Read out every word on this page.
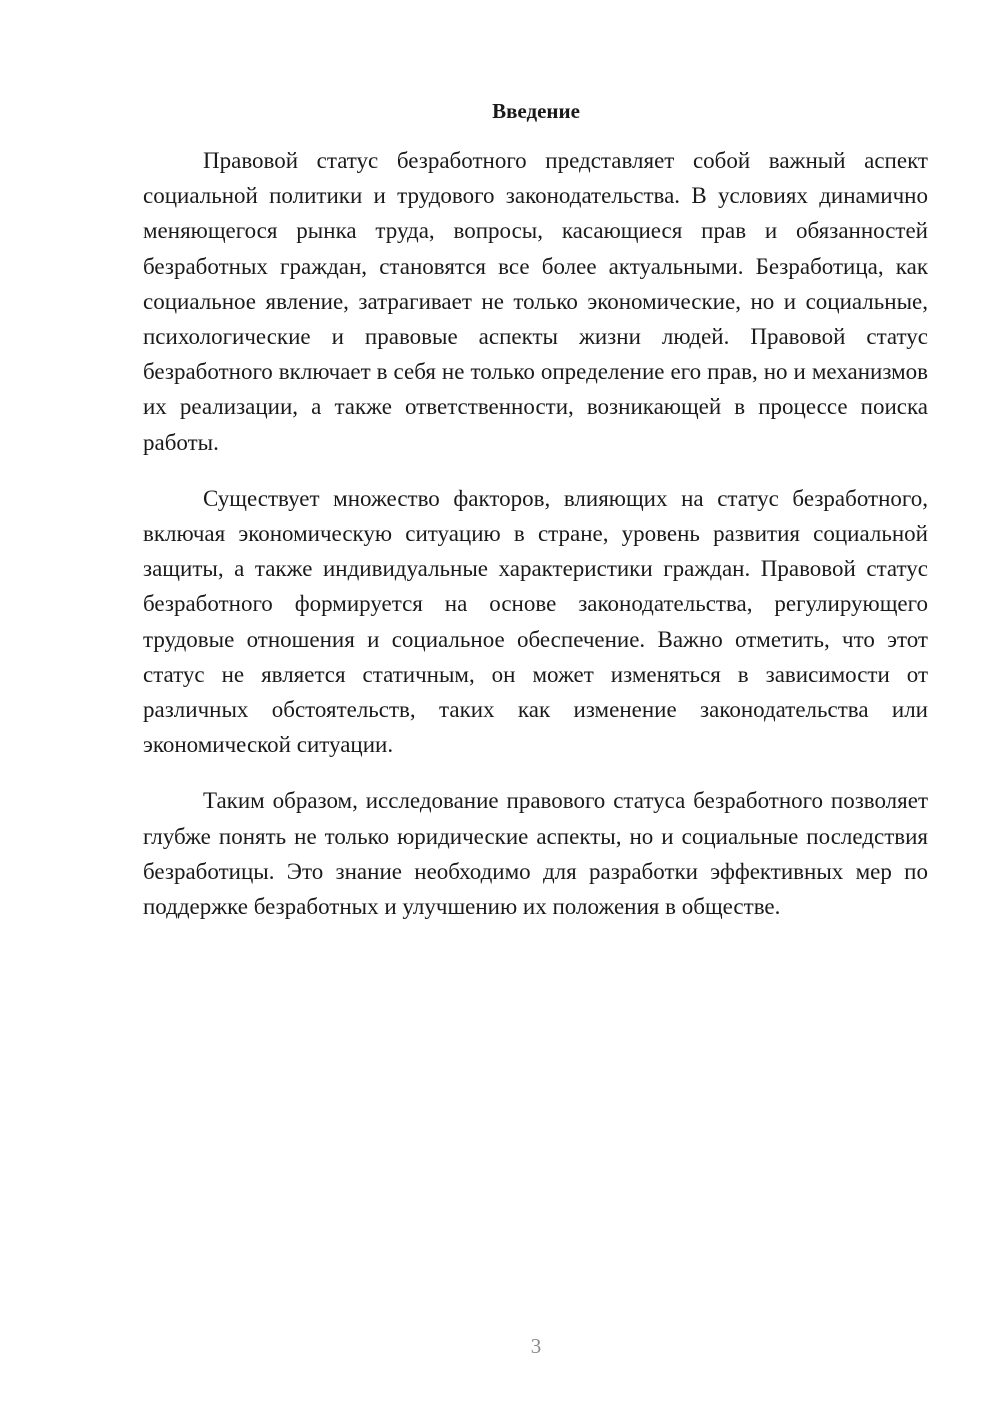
Введение

Правовой статус безработного представляет собой важный аспект социальной политики и трудового законодательства. В условиях динамично меняющегося рынка труда, вопросы, касающиеся прав и обязанностей безработных граждан, становятся все более актуальными. Безработица, как социальное явление, затрагивает не только экономические, но и социальные, психологические и правовые аспекты жизни людей. Правовой статус безработного включает в себя не только определение его прав, но и механизмов их реализации, а также ответственности, возникающей в процессе поиска работы.

Существует множество факторов, влияющих на статус безработного, включая экономическую ситуацию в стране, уровень развития социальной защиты, а также индивидуальные характеристики граждан. Правовой статус безработного формируется на основе законодательства, регулирующего трудовые отношения и социальное обеспечение. Важно отметить, что этот статус не является статичным, он может изменяться в зависимости от различных обстоятельств, таких как изменение законодательства или экономической ситуации.

Таким образом, исследование правового статуса безработного позволяет глубже понять не только юридические аспекты, но и социальные последствия безработицы. Это знание необходимо для разработки эффективных мер по поддержке безработных и улучшению их положения в обществе.

3
